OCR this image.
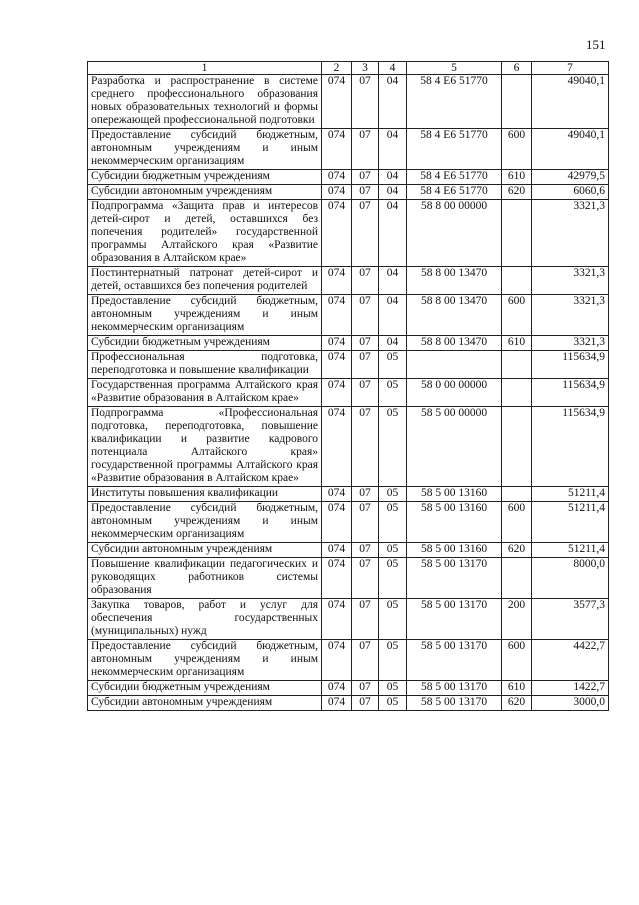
151
1	2	3	4	5	6	7
Разработка и распространение в системе среднего профессионального образования новых образовательных технологий и формы опережающей профессиональной подготовки	074	07	04	58 4 Е6 51770		49040,1
Предоставление субсидий бюджетным, автономным учреждениям и иным некоммерческим организациям	074	07	04	58 4 Е6 51770	600	49040,1
Субсидии бюджетным учреждениям	074	07	04	58 4 Е6 51770	610	42979,5
Субсидии автономным учреждениям	074	07	04	58 4 Е6 51770	620	6060,6
Подпрограмма «Защита прав и интересов детей-сирот и детей, оставшихся без попечения родителей» государственной программы Алтайского края «Развитие образования в Алтайском крае»	074	07	04	58 8 00 00000		3321,3
Постинтернатный патронат детей-сирот и детей, оставшихся без попечения родителей	074	07	04	58 8 00 13470		3321,3
Предоставление субсидий бюджетным, автономным учреждениям и иным некоммерческим организациям	074	07	04	58 8 00 13470	600	3321,3
Субсидии бюджетным учреждениям	074	07	04	58 8 00 13470	610	3321,3
Профессиональная подготовка, переподготовка и повышение квалификации	074	07	05			115634,9
Государственная программа Алтайского края «Развитие образования в Алтайском крае»	074	07	05	58 0 00 00000		115634,9
Подпрограмма «Профессиональная подготовка, переподготовка, повышение квалификации и развитие кадрового потенциала Алтайского края» государственной программы Алтайского края «Развитие образования в Алтайском крае»	074	07	05	58 5 00 00000		115634,9
Институты повышения квалификации	074	07	05	58 5 00 13160		51211,4
Предоставление субсидий бюджетным, автономным учреждениям и иным некоммерческим организациям	074	07	05	58 5 00 13160	600	51211,4
Субсидии автономным учреждениям	074	07	05	58 5 00 13160	620	51211,4
Повышение квалификации педагогических и руководящих работников системы образования	074	07	05	58 5 00 13170		8000,0
Закупка товаров, работ и услуг для обеспечения государственных (муниципальных) нужд	074	07	05	58 5 00 13170	200	3577,3
Предоставление субсидий бюджетным, автономным учреждениям и иным некоммерческим организациям	074	07	05	58 5 00 13170	600	4422,7
Субсидии бюджетным учреждениям	074	07	05	58 5 00 13170	610	1422,7
Субсидии автономным учреждениям	074	07	05	58 5 00 13170	620	3000,0
